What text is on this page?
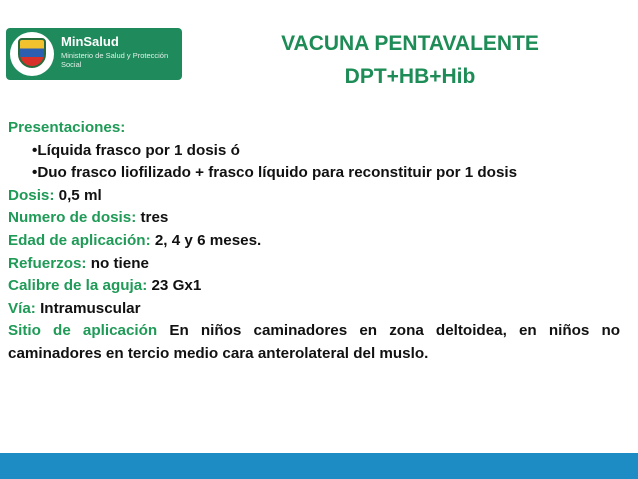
MinSalud
Ministerio de Salud y Protección Social
VACUNA PENTAVALENTE
DPT+HB+Hib
Presentaciones:
•Líquida frasco por 1 dosis ó
•Duo frasco liofilizado + frasco líquido para reconstituir por 1 dosis
Dosis: 0,5 ml
Numero de dosis: tres
Edad de aplicación: 2, 4 y 6 meses.
Refuerzos: no tiene
Calibre de la aguja: 23 Gx1
Vía: Intramuscular
Sitio de aplicación En niños caminadores en zona deltoidea, en niños no caminadores en tercio medio cara anterolateral del muslo.
